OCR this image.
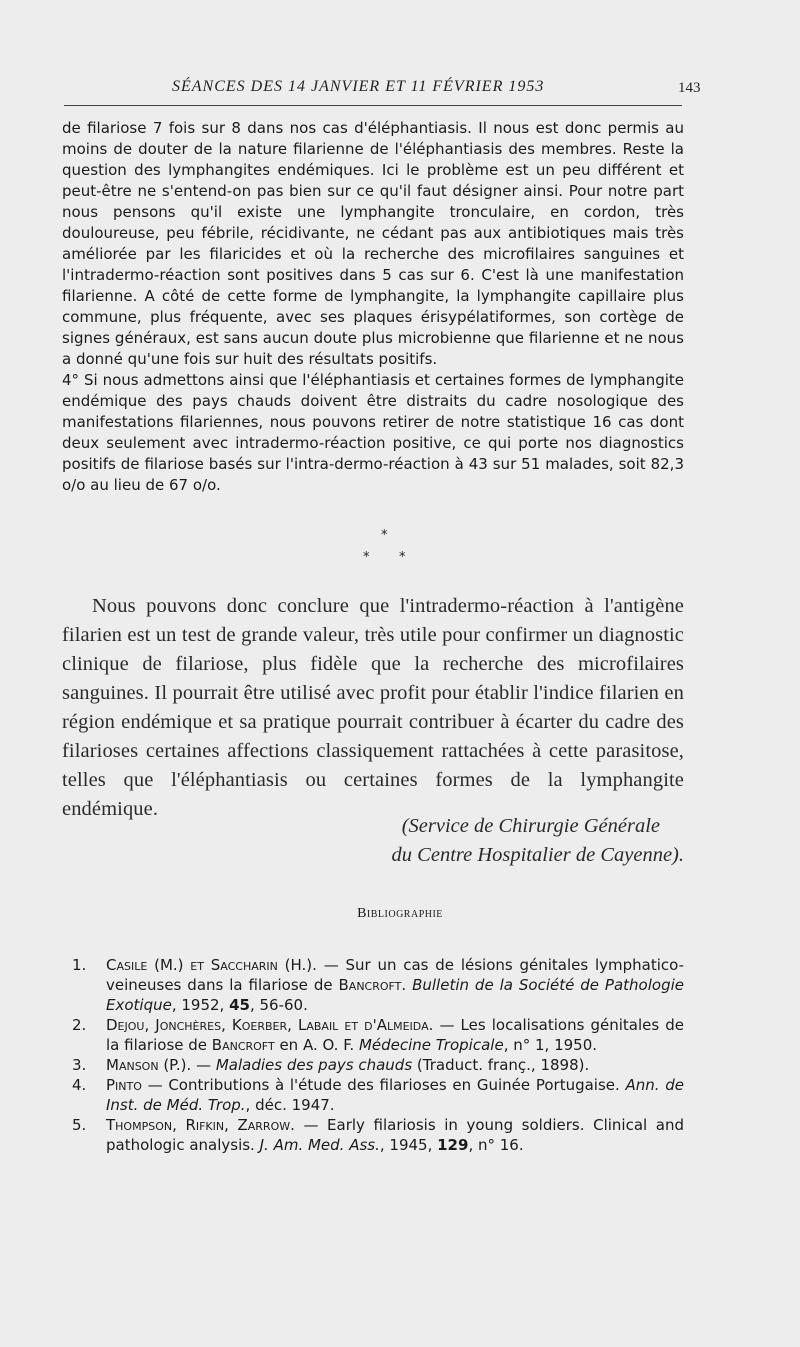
SÉANCES DES 14 JANVIER ET 11 FÉVRIER 1953	143

de filariose 7 fois sur 8 dans nos cas d'éléphantiasis. Il nous est donc permis au moins de douter de la nature filarienne de l'éléphantiasis des membres. Reste la question des lymphangites endémiques. Ici le problème est un peu différent et peut-être ne s'entend-on pas bien sur ce qu'il faut désigner ainsi. Pour notre part nous pensons qu'il existe une lymphangite tronculaire, en cordon, très douloureuse, peu fébrile, récidivante, ne cédant pas aux antibiotiques mais très améliorée par les filaricides et où la recherche des microfilaires sanguines et l'intradermo-réaction sont positives dans 5 cas sur 6. C'est là une manifestation filarienne. A côté de cette forme de lymphangite, la lymphangite capillaire plus commune, plus fréquente, avec ses plaques érisypélatiformes, son cortège de signes généraux, est sans aucun doute plus microbienne que filarienne et ne nous a donné qu'une fois sur huit des résultats positifs.

4° Si nous admettons ainsi que l'éléphantiasis et certaines formes de lymphangite endémique des pays chauds doivent être distraits du cadre nosologique des manifestations filariennes, nous pouvons retirer de notre statistique 16 cas dont deux seulement avec intradermo-réaction positive, ce qui porte nos diagnostics positifs de filariose basés sur l'intra-dermo-réaction à 43 sur 51 malades, soit 82,3 o/o au lieu de 67 o/o.

*
* *

Nous pouvons donc conclure que l'intradermo-réaction à l'antigène filarien est un test de grande valeur, très utile pour confirmer un diagnostic clinique de filariose, plus fidèle que la recherche des microfilaires sanguines. Il pourrait être utilisé avec profit pour établir l'indice filarien en région endémique et sa pratique pourrait contribuer à écarter du cadre des filarioses certaines affections classiquement rattachées à cette parasitose, telles que l'éléphantiasis ou certaines formes de la lymphangite endémique.

(Service de Chirurgie Générale
du Centre Hospitalier de Cayenne).
Bibliographie
1.	Casile (M.) et Saccharin (H.). — Sur un cas de lésions génitales lymphatico-veineuses dans la filariose de Bancroft. Bulletin de la Société de Pathologie Exotique, 1952, 45, 56-60.
2.	Dejou, Jonchères, Koerber, Labail et d'Almeida. — Les localisations génitales de la filariose de Bancroft en A. O. F. Médecine Tropicale, n° 1, 1950.
3.	Manson (P.). — Maladies des pays chauds (Traduct. franç., 1898).
4.	Pinto — Contributions à l'étude des filarioses en Guinée Portugaise. Ann. de Inst. de Méd. Trop., déc. 1947.
5.	Thompson, Rifkin, Zarrow. — Early filariosis in young soldiers. Clinical and pathologic analysis. J. Am. Med. Ass., 1945, 129, n° 16.
